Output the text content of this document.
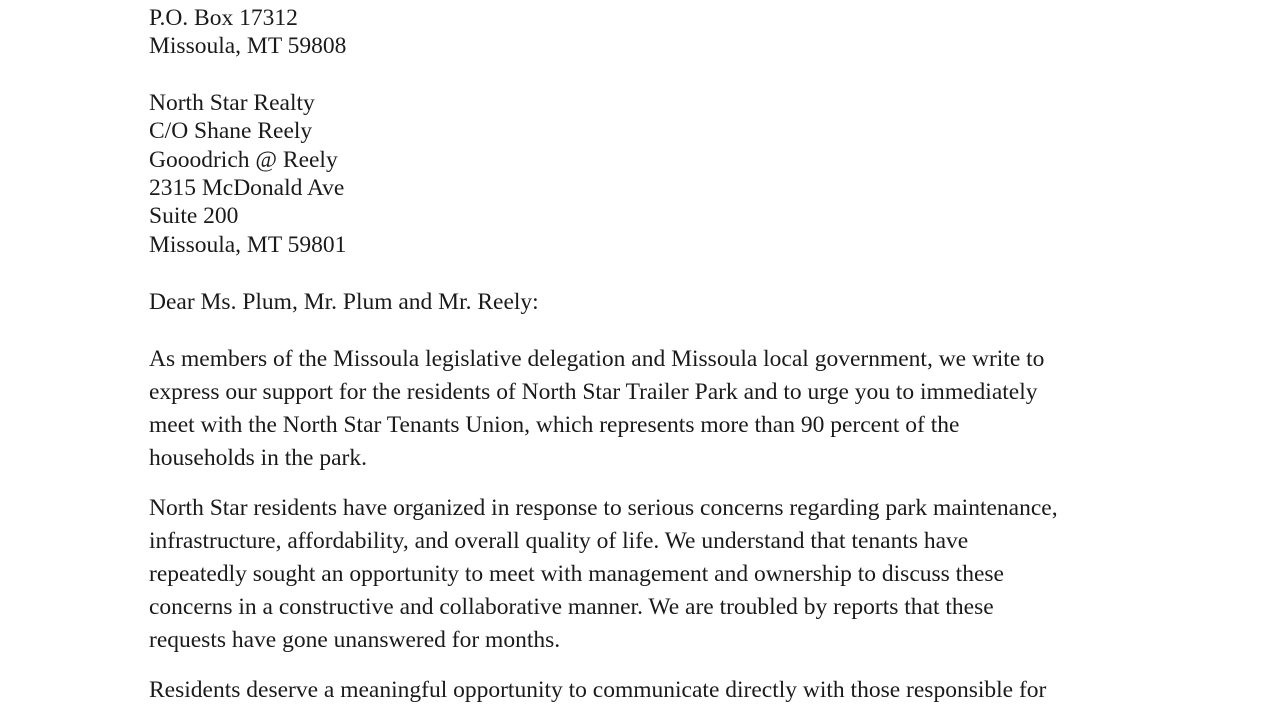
P.O. Box 17312
Missoula, MT 59808
North Star Realty
C/O Shane Reely
Gooodrich @ Reely
2315 McDonald Ave
Suite 200
Missoula, MT 59801
Dear Ms. Plum, Mr. Plum and Mr. Reely:
As members of the Missoula legislative delegation and Missoula local government, we write to
express our support for the residents of North Star Trailer Park and to urge you to immediately
meet with the North Star Tenants Union, which represents more than 90 percent of the
households in the park.
North Star residents have organized in response to serious concerns regarding park maintenance,
infrastructure, affordability, and overall quality of life. We understand that tenants have
repeatedly sought an opportunity to meet with management and ownership to discuss these
concerns in a constructive and collaborative manner. We are troubled by reports that these
requests have gone unanswered for months.
Residents deserve a meaningful opportunity to communicate directly with those responsible for
